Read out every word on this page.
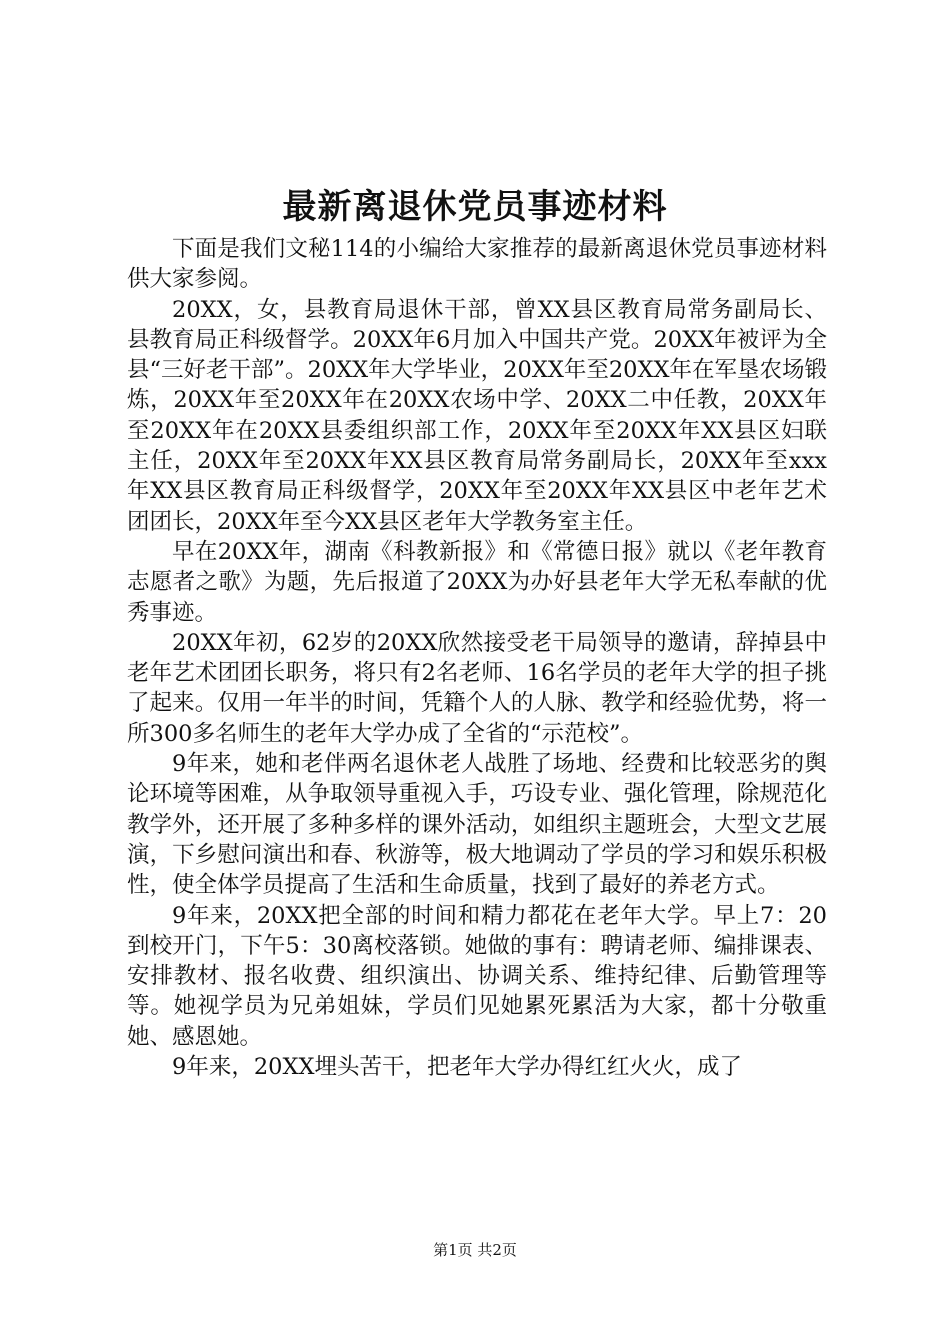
最新离退休党员事迹材料

下面是我们文秘114的小编给大家推荐的最新离退休党员事迹材料供大家参阅。

20XX，女，县教育局退休干部，曾XX县区教育局常务副局长、县教育局正科级督学。20XX年6月加入中国共产党。20XX年被评为全县“三好老干部”。20XX年大学毕业，20XX年至20XX年在军垦农场锻炼，20XX年至20XX年在20XX农场中学、20XX二中任教，20XX年至20XX年在20XX县委组织部工作，20XX年至20XX年XX县区妇联主任，20XX年至20XX年XX县区教育局常务副局长，20XX年至xxx年XX县区教育局正科级督学，20XX年至20XX年XX县区中老年艺术团团长，20XX年至今XX县区老年大学教务室主任。

早在20XX年，湖南《科教新报》和《常德日报》就以《老年教育志愿者之歌》为题，先后报道了20XX为办好县老年大学无私奉献的优秀事迹。

20XX年初，62岁的20XX欣然接受老干局领导的邀请，辞掉县中老年艺术团团长职务，将只有2名老师、16名学员的老年大学的担子挑了起来。仅用一年半的时间，凭籍个人的人脉、教学和经验优势，将一所300多名师生的老年大学办成了全省的“示范校”。

9年来，她和老伴两名退休老人战胜了场地、经费和比较恶劣的舆论环境等困难，从争取领导重视入手，巧设专业、强化管理，除规范化教学外，还开展了多种多样的课外活动，如组织主题班会，大型文艺展演，下乡慰问演出和春、秋游等，极大地调动了学员的学习和娱乐积极性，使全体学员提高了生活和生命质量，找到了最好的养老方式。

9年来，20XX把全部的时间和精力都花在老年大学。早上7：20到校开门，下午5：30离校落锁。她做的事有：聘请老师、编排课表、安排教材、报名收费、组织演出、协调关系、维持纪律、后勤管理等等。她视学员为兄弟姐妹，学员们见她累死累活为大家，都十分敬重她、感恩她。

9年来，20XX埋头苦干，把老年大学办得红红火火，成了

第1页 共2页
